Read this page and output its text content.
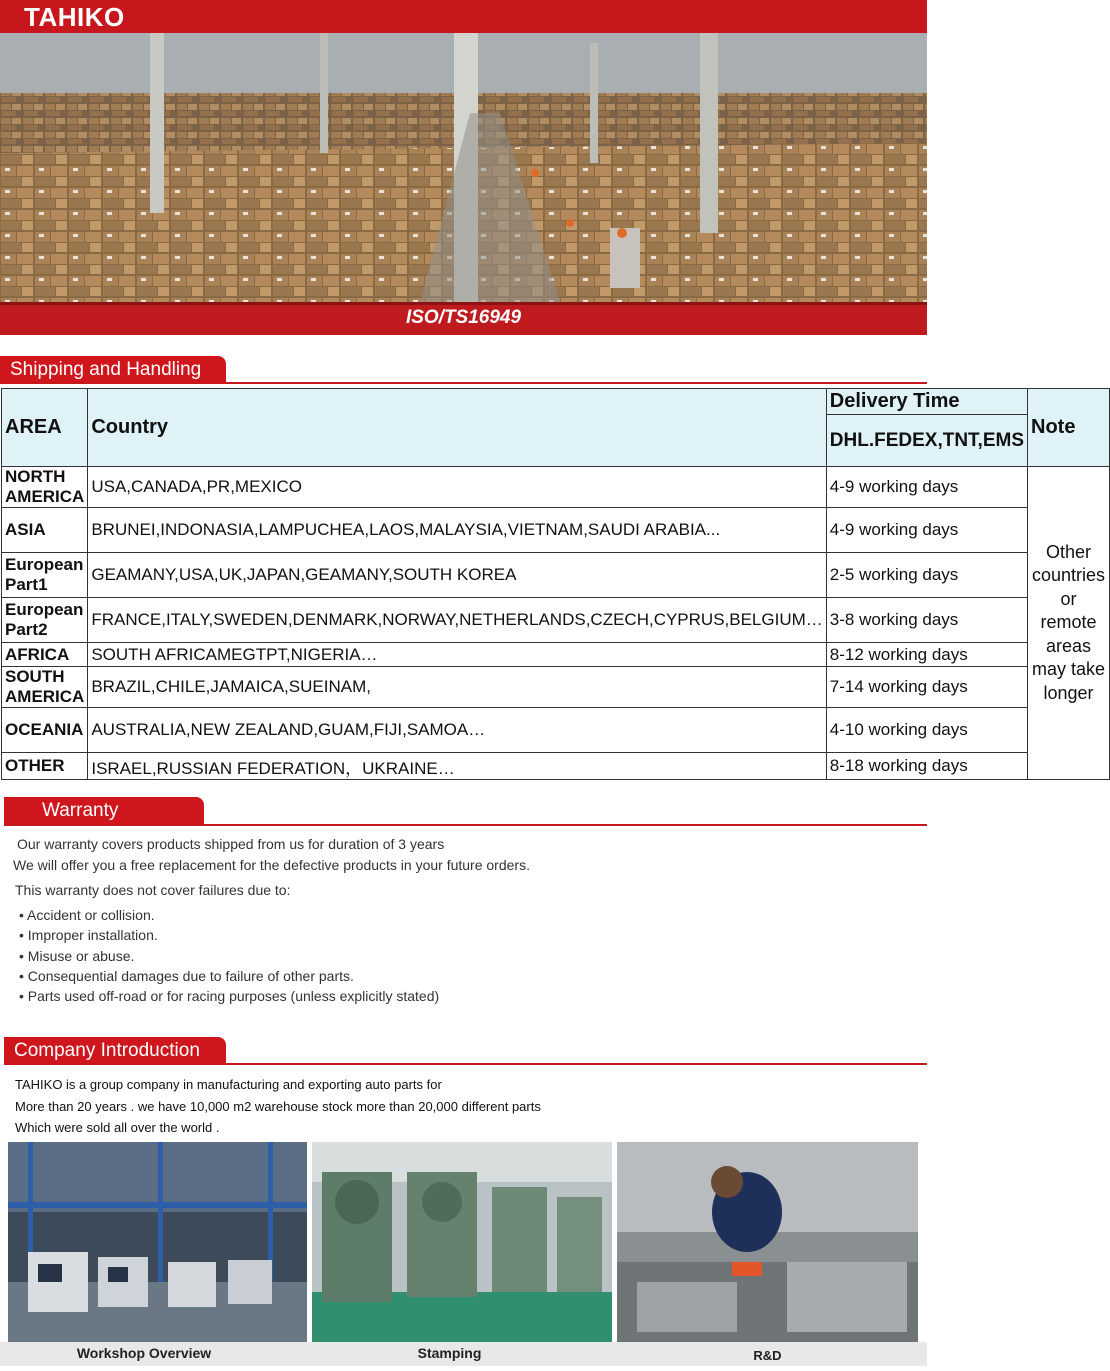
TAHIKO
ISO/TS16949
Shipping and Handling
AREA	Country	Delivery Time	Note
		DHL.FEDEX,TNT,EMS	
NORTH AMERICA	USA,CANADA,PR,MEXICO	4-9 working days	Other countries or remote areas may take longer
ASIA	BRUNEI,INDONASIA,LAMPUCHEA,LAOS,MALAYSIA,VIETNAM,SAUDI ARABIA...	4-9 working days	
European Part1	GEAMANY,USA,UK,JAPAN,GEAMANY,SOUTH KOREA	2-5 working days	
European Part2	FRANCE,ITALY,SWEDEN,DENMARK,NORWAY,NETHERLANDS,CZECH,CYPRUS,BELGIUM…	3-8 working days	
AFRICA	SOUTH AFRICAMEGTPT,NIGERIA…	8-12 working days	
SOUTH AMERICA	BRAZIL,CHILE,JAMAICA,SUEINAM,	7-14 working days	
OCEANIA	AUSTRALIA,NEW ZEALAND,GUAM,FIJI,SAMOA…	4-10 working days	
OTHER	ISRAEL,RUSSIAN FEDERATION，UKRAINE…	8-18 working days	
Warranty
Our warranty covers products shipped from us for duration of 3 years
We will offer you a free replacement for the defective products in your future orders.
This warranty does not cover failures due to:
• Accident or collision.
• Improper installation.
• Misuse or abuse.
• Consequential damages due to failure of other parts.
• Parts used off-road or for racing purposes (unless explicitly stated)
Company Introduction
TAHIKO is a group company in manufacturing and exporting auto parts for
More than 20 years . we have 10,000 m2 warehouse stock more than 20,000 different parts
Which were sold all over the world .
Workshop Overview	Stamping	R&D
